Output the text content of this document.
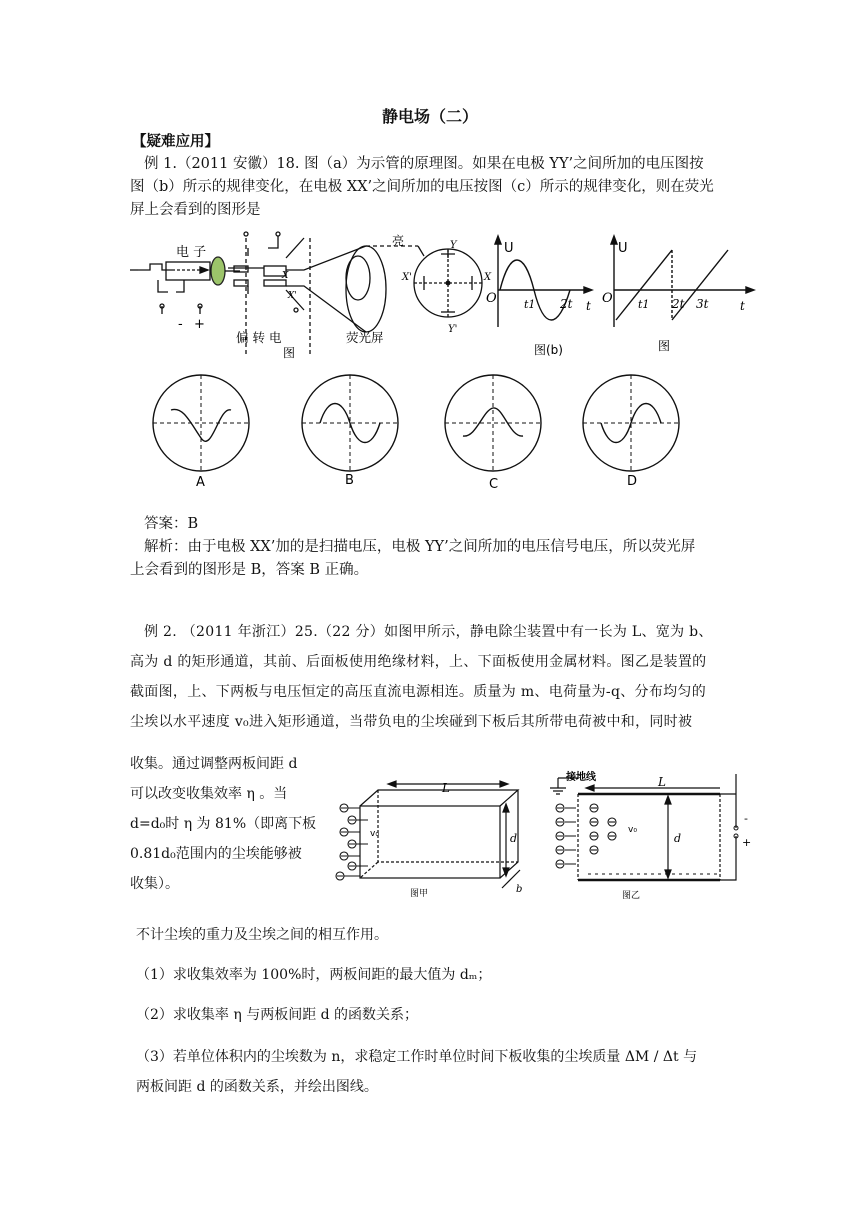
静电场（二）
【疑难应用】
例 1.（2011 安徽）18. 图（a）为示管的原理图。如果在电极 YY’之间所加的电压图按
图（b）所示的规律变化，在电极 XX’之间所加的电压按图（c）所示的规律变化，则在荧光
屏上会看到的图形是
Y
Y'
X
X'
X
X'
电 子
亮
- +
偏 转 电	荧光屏
图
U
O t1 2t t
图(b)
U
O t1 2t 3t	t
图
A	B	C	D
答案：B
解析：由于电极 XX’加的是扫描电压，电极 YY’之间所加的电压信号电压，所以荧光屏
上会看到的图形是 B，答案 B 正确。
例 2. （2011 年浙江）25.（22 分）如图甲所示，静电除尘装置中有一长为 L、宽为 b、
高为 d 的矩形通道，其前、后面板使用绝缘材料，上、下面板使用金属材料。图乙是装置的
截面图，上、下两板与电压恒定的高压直流电源相连。质量为 m、电荷量为-q、分布均匀的
尘埃以水平速度 v₀进入矩形通道，当带负电的尘埃碰到下板后其所带电荷被中和，同时被
收集。通过调整两板间距 d
可以改变收集效率 η 。当
d=d₀时 η 为 81%（即离下板
0.81d₀范围内的尘埃能够被
收集）。
L
d
b
v₀
图甲
接地线	L
d
v₀
-
+
图乙
不计尘埃的重力及尘埃之间的相互作用。
（1）求收集效率为 100%时，两板间距的最大值为 dₘ；
（2）求收集率 η 与两板间距 d 的函数关系；
（3）若单位体积内的尘埃数为 n，求稳定工作时单位时间下板收集的尘埃质量 ΔM / Δt 与
两板间距 d 的函数关系，并绘出图线。
